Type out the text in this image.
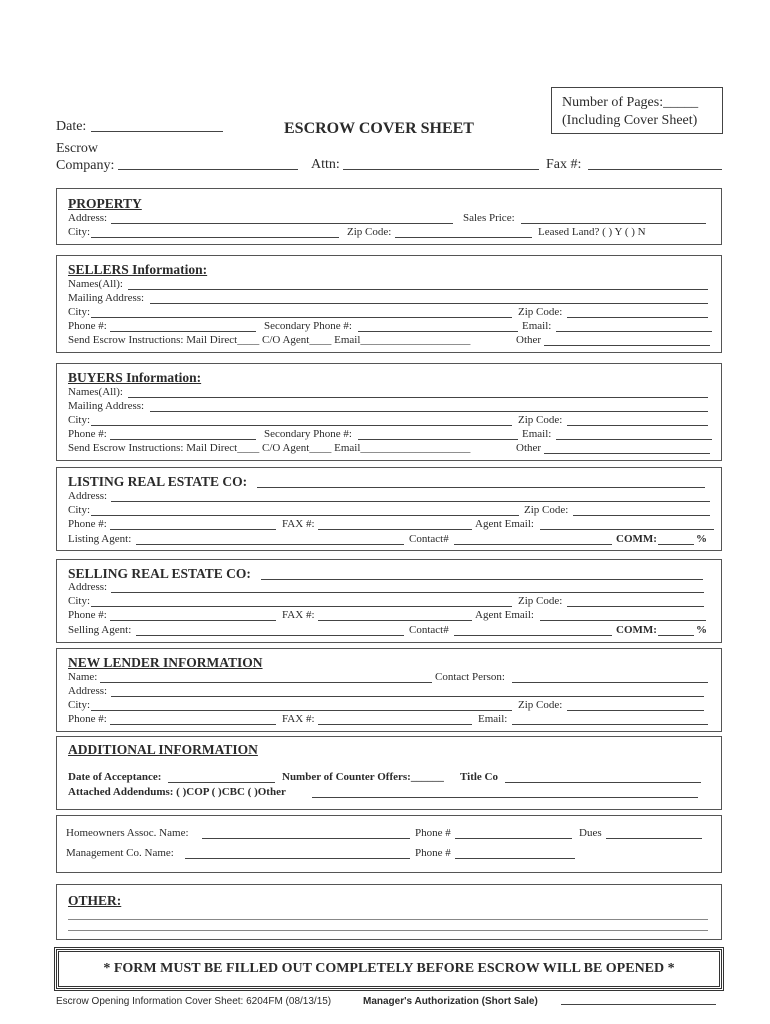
Number of Pages:_____
(Including Cover Sheet)
Date:	ESCROW COVER SHEET
Escrow
Company:	Attn:	Fax #:
PROPERTY
Address:	Sales Price:
City:	Zip Code:	Leased Land? ( ) Y ( ) N
SELLERS Information:
Names(All):
Mailing Address:
City:	Zip Code:
Phone #:	Secondary Phone #:	Email:
Send Escrow Instructions: Mail Direct____ C/O Agent____ Email____________________	Other
BUYERS Information:
Names(All):
Mailing Address:
City:	Zip Code:
Phone #:	Secondary Phone #:	Email:
Send Escrow Instructions: Mail Direct____ C/O Agent____ Email____________________	Other
LISTING REAL ESTATE CO:
Address:
City:	Zip Code:
Phone #:	FAX #:	Agent Email:
Listing Agent:	Contact#	COMM:	%
SELLING REAL ESTATE CO:
Address:
City:	Zip Code:
Phone #:	FAX #:	Agent Email:
Selling Agent:	Contact#	COMM:	%
NEW LENDER INFORMATION
Name:	Contact Person:
Address:
City:	Zip Code:
Phone #:	FAX #:	Email:
ADDITIONAL INFORMATION
Date of Acceptance:	Number of Counter Offers:______ Title Co
Attached Addendums: ( )COP ( )CBC ( )Other
Homeowners Assoc. Name:	Phone #	Dues
Management Co. Name:	Phone #
OTHER:
* FORM MUST BE FILLED OUT COMPLETELY BEFORE ESCROW WILL BE OPENED *
Escrow Opening Information Cover Sheet: 6204FM (08/13/15)	Manager's Authorization (Short Sale)
